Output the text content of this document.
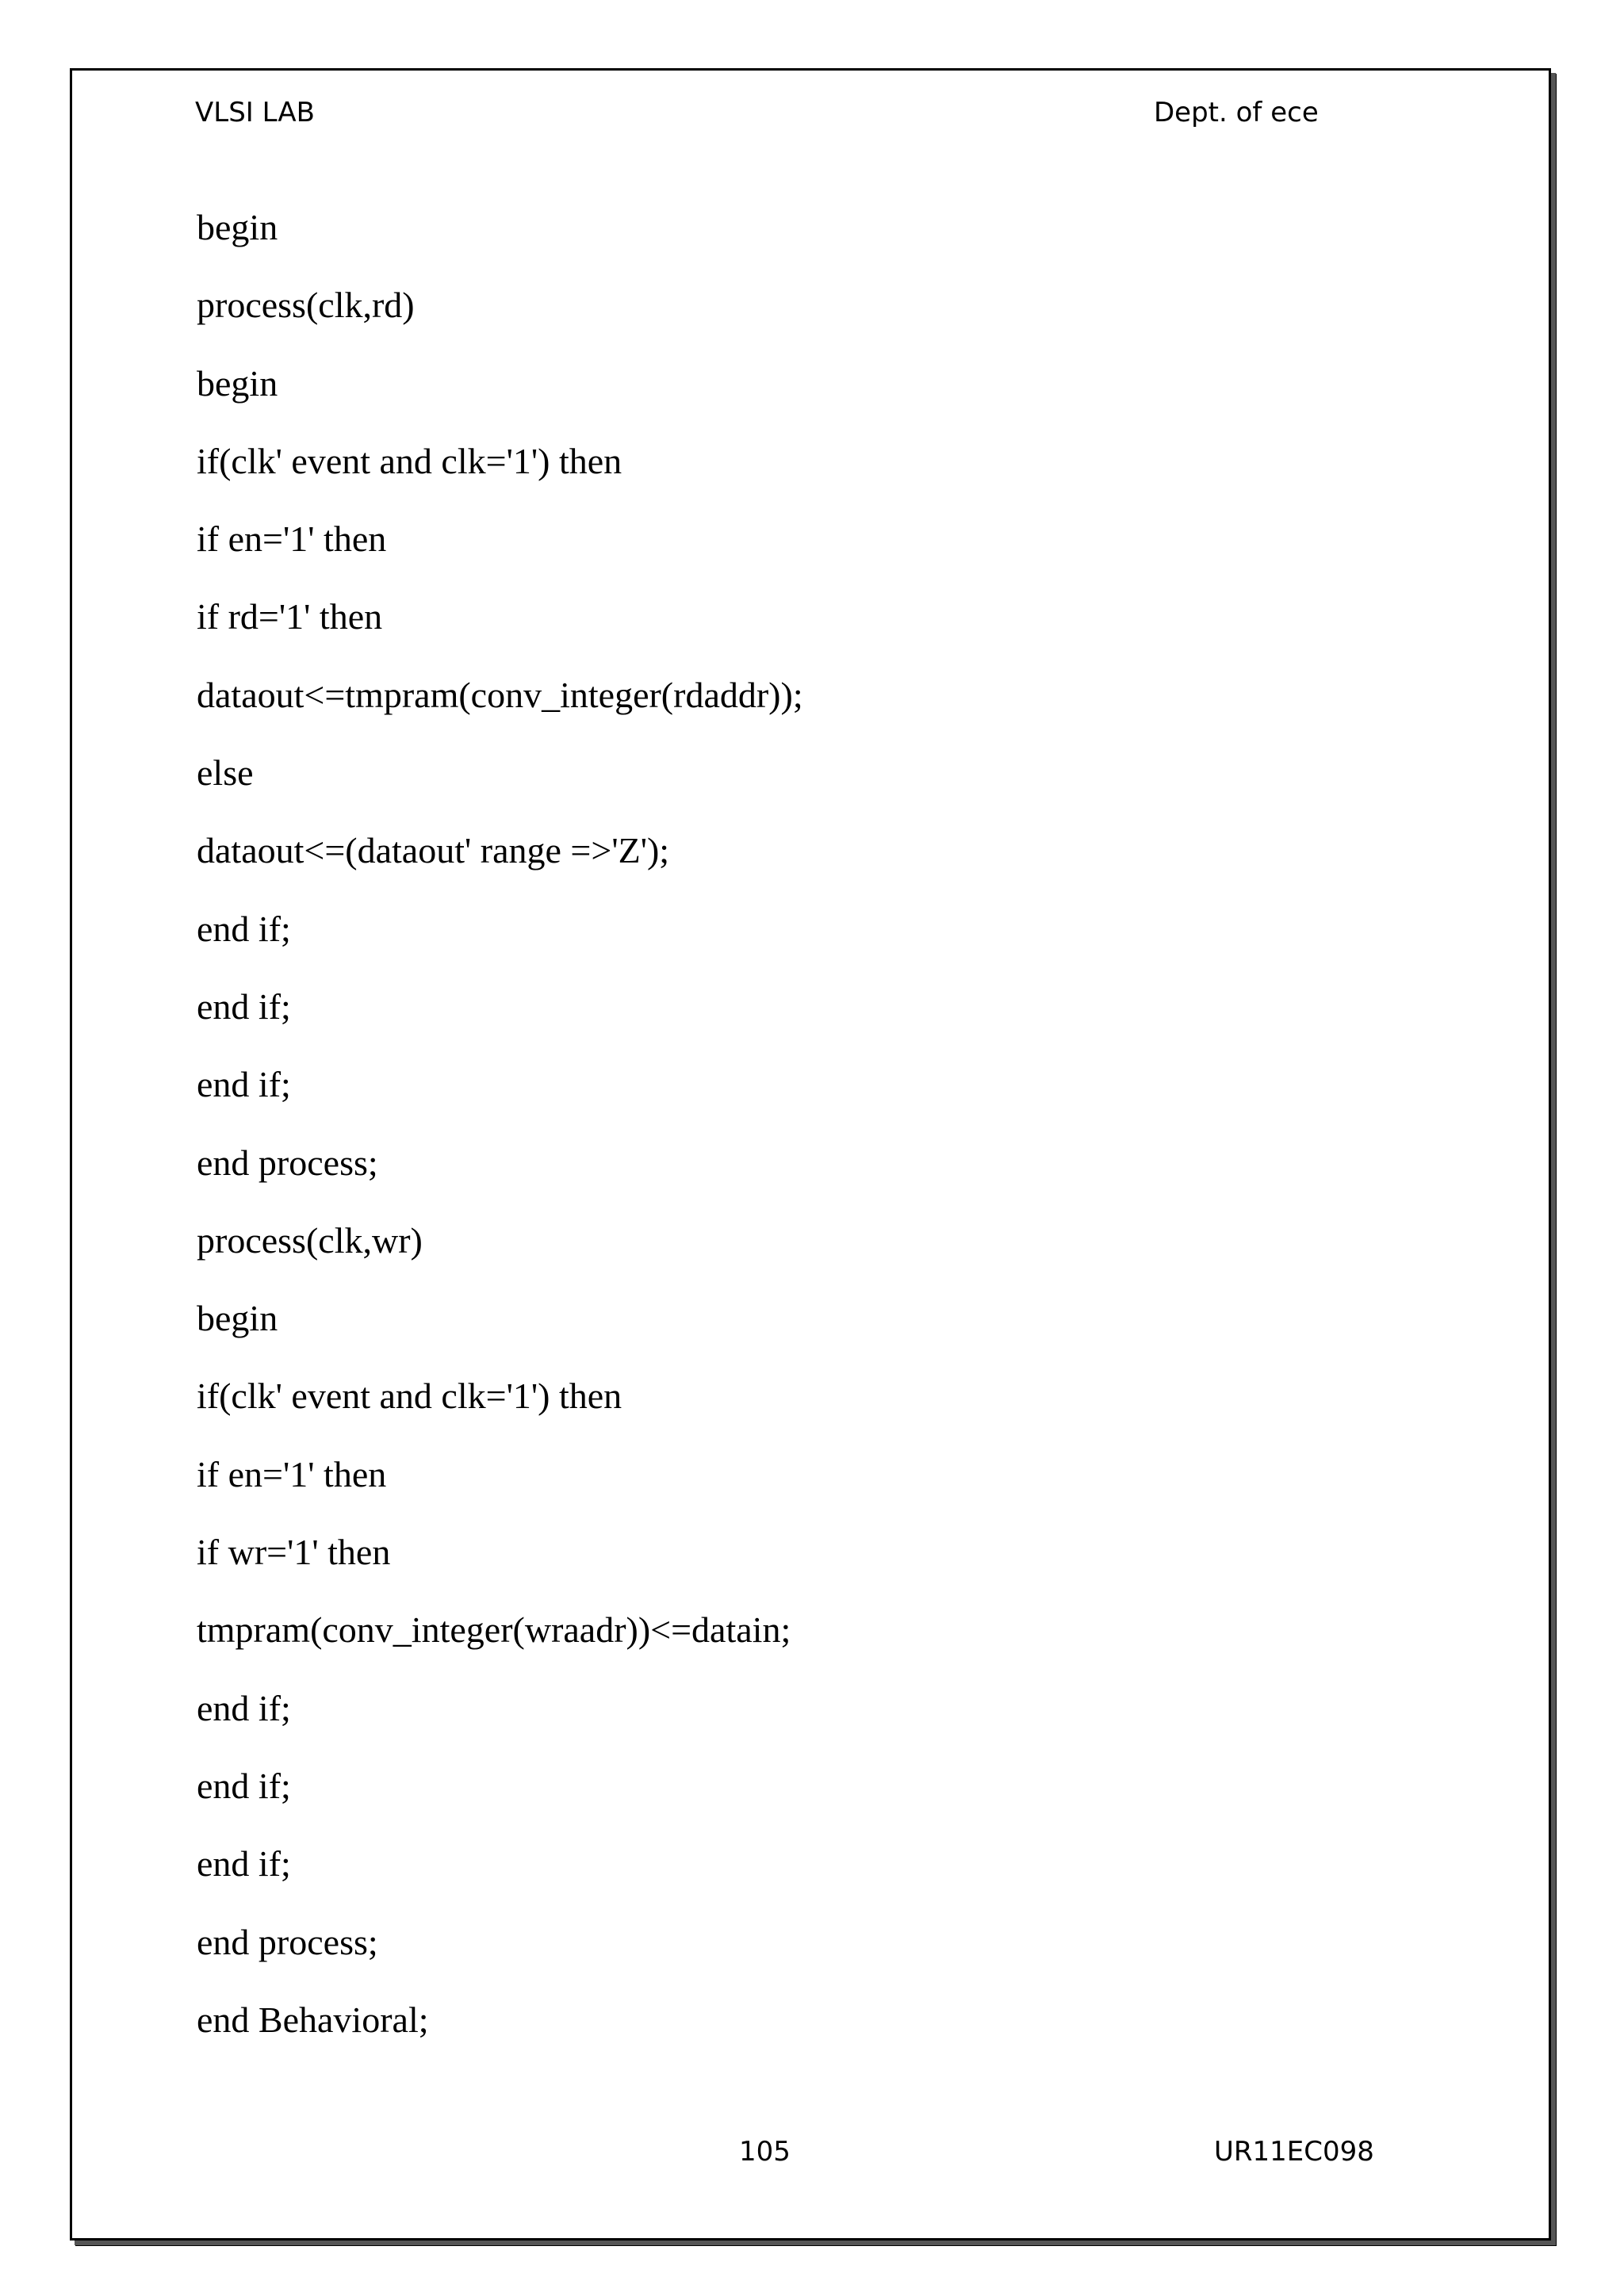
VLSI LAB	Dept. of ece
begin
process(clk,rd)
begin
if(clk' event and clk='1') then
if en='1' then
if rd='1' then
dataout<=tmpram(conv_integer(rdaddr));
else
dataout<=(dataout' range =>'Z');
end if;
end if;
end if;
end process;
process(clk,wr)
begin
if(clk' event and clk='1') then
if en='1' then
if wr='1' then
tmpram(conv_integer(wraadr))<=datain;
end if;
end if;
end if;
end process;
end Behavioral;
105	UR11EC098
